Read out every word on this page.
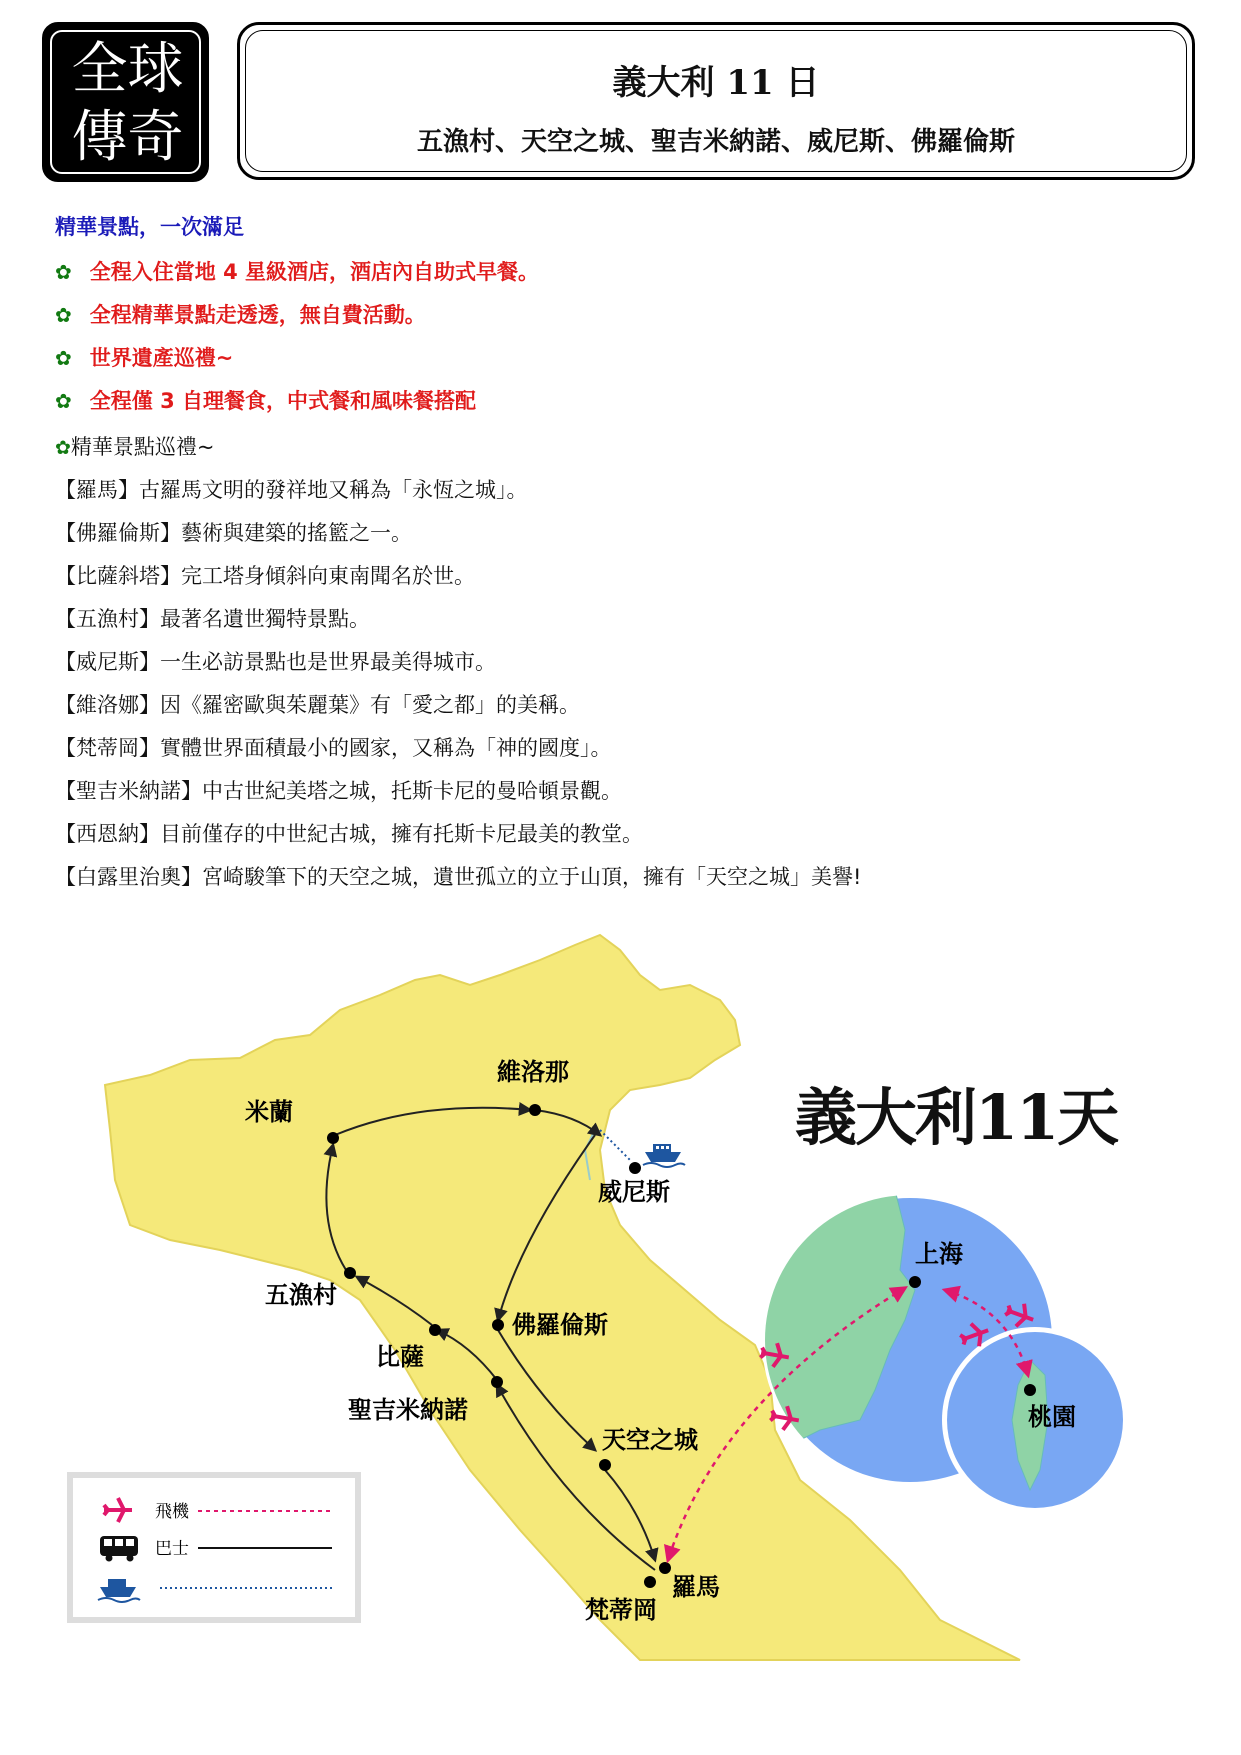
全球
傳奇
義大利 11 日
五漁村、天空之城、聖吉米納諾、威尼斯、佛羅倫斯
精華景點，一次滿足
✿ 全程入住當地 4 星級酒店，酒店內自助式早餐。
✿ 全程精華景點走透透，無自費活動。
✿ 世界遺產巡禮~
✿ 全程僅 3 自理餐食，中式餐和風味餐搭配
✿精華景點巡禮~
【羅馬】古羅馬文明的發祥地又稱為「永恆之城」。
【佛羅倫斯】藝術與建築的搖籃之一。
【比薩斜塔】完工塔身傾斜向東南聞名於世。
【五漁村】最著名遺世獨特景點。
【威尼斯】一生必訪景點也是世界最美得城市。
【維洛娜】因《羅密歐與茱麗葉》有「愛之都」的美稱。
【梵蒂岡】實體世界面積最小的國家，又稱為「神的國度」。
【聖吉米納諾】中古世紀美塔之城，托斯卡尼的曼哈頓景觀。
【西恩納】目前僅存的中世紀古城，擁有托斯卡尼最美的教堂。
【白露里治奧】宮崎駿筆下的天空之城，遺世孤立的立于山頂，擁有「天空之城」美譽!
米蘭
維洛那
威尼斯
五漁村
佛羅倫斯
比薩
聖吉米納諾
天空之城
羅馬
梵蒂岡
上海
桃園
飛機
巴士
義大利11天
